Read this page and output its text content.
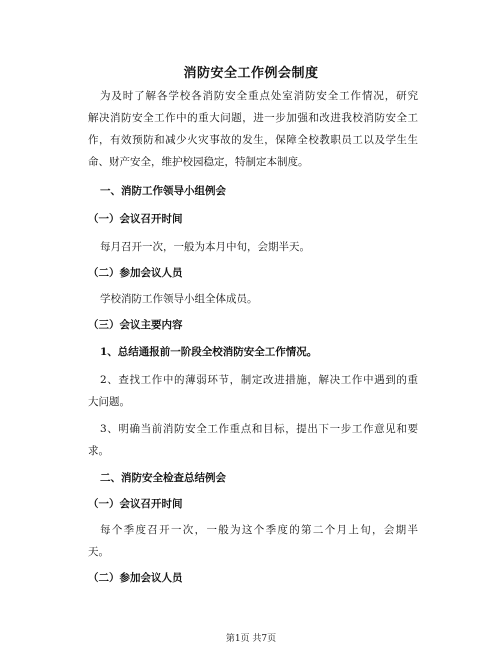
消防安全工作例会制度
为及时了解各学校各消防安全重点处室消防安全工作情况，研究
解决消防安全工作中的重大问题，进一步加强和改进我校消防安全工
作，有效预防和减少火灾事故的发生，保障全校教职员工以及学生生
命、财产安全，维护校园稳定，特制定本制度。
一、消防工作领导小组例会
（一）会议召开时间
每月召开一次，一般为本月中旬，会期半天。
（二）参加会议人员
学校消防工作领导小组全体成员。
（三）会议主要内容
1、总结通报前一阶段全校消防安全工作情况。
2、查找工作中的薄弱环节，制定改进措施，解决工作中遇到的重
大问题。
3、明确当前消防安全工作重点和目标，提出下一步工作意见和要
求。
二、消防安全检查总结例会
（一）会议召开时间
每个季度召开一次，一般为这个季度的第二个月上旬，会期半
天。
（二）参加会议人员
第1页 共7页
